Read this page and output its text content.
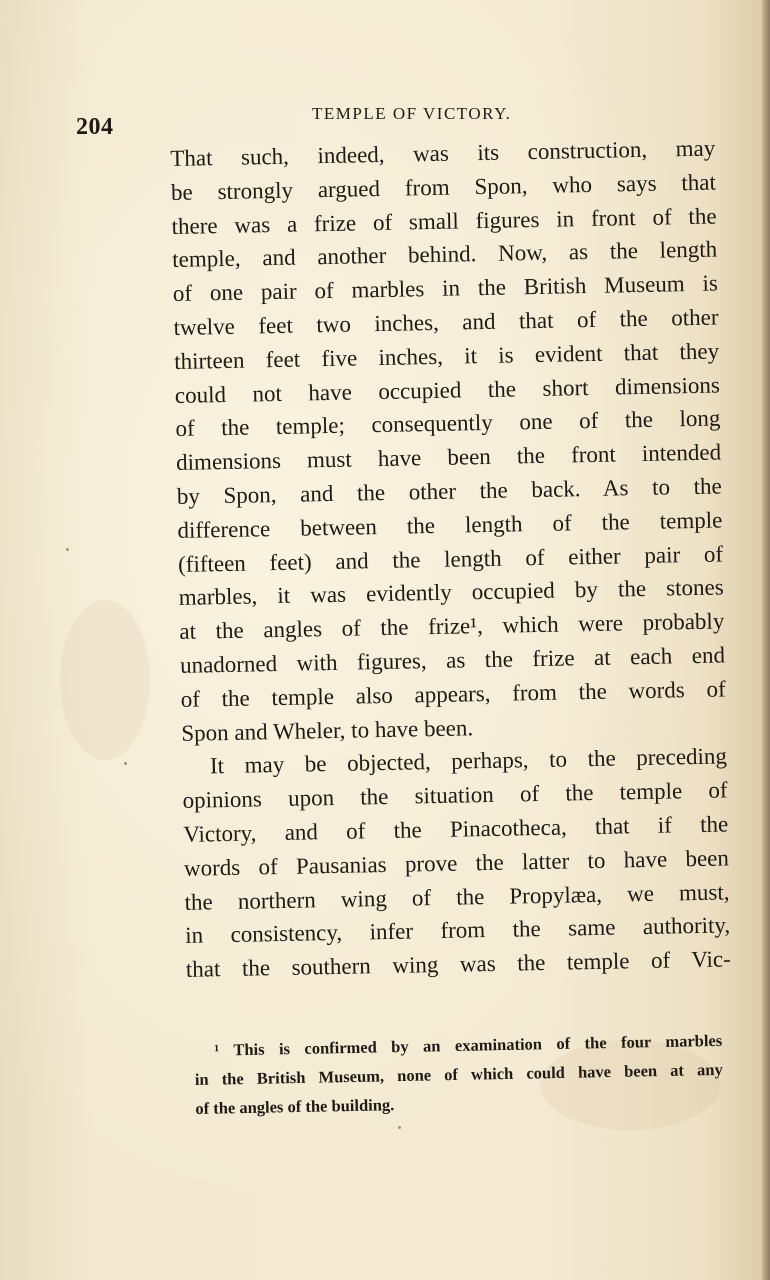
204
TEMPLE OF VICTORY.
That such, indeed, was its construction, may
be strongly argued from Spon, who says that
there was a frize of small figures in front of the
temple, and another behind. Now, as the length
of one pair of marbles in the British Museum is
twelve feet two inches, and that of the other
thirteen feet five inches, it is evident that they
could not have occupied the short dimensions
of the temple; consequently one of the long
dimensions must have been the front intended
by Spon, and the other the back. As to the
difference between the length of the temple
(fifteen feet) and the length of either pair of
marbles, it was evidently occupied by the stones
at the angles of the frize¹, which were probably
unadorned with figures, as the frize at each end
of the temple also appears, from the words of
Spon and Wheler, to have been.
It may be objected, perhaps, to the preceding
opinions upon the situation of the temple of
Victory, and of the Pinacotheca, that if the
words of Pausanias prove the latter to have been
the northern wing of the Propylæa, we must,
in consistency, infer from the same authority,
that the southern wing was the temple of Vic-
¹ This is confirmed by an examination of the four marbles
in the British Museum, none of which could have been at any
of the angles of the building.
